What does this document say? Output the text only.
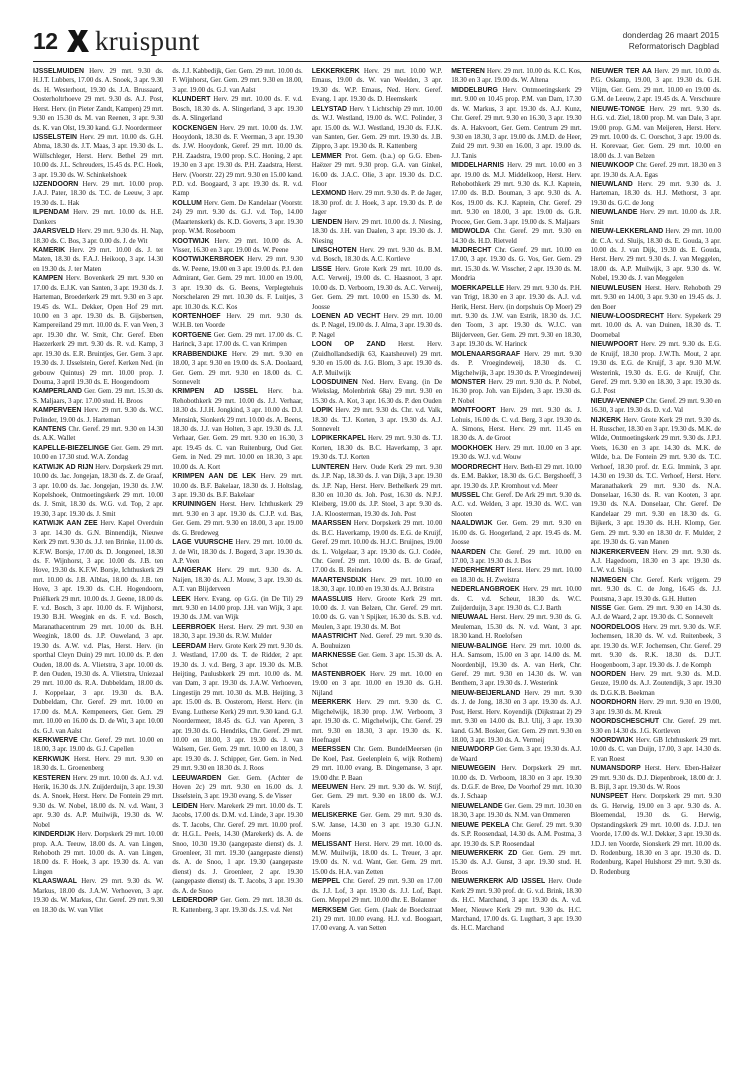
12 kruispunt	donderdag 26 maart 2015
Reformatorisch Dagblad

IJSSELMUIDEN Herv. 29 mrt. 9.30 ds. H.J.T. Lubbers, 17.00 ds. A. Snoek, 3 apr. 9.30 ds. H. Westerhout, 19.30 ds. J.A. Brussaard, Oosterholtrhoeve 29 mrt. 9.30 ds. A.J. Post, Herst. Herv. (in Pieter Zandt, Kampen) 29 mrt. 9.30 en 15.30 ds. M. van Reenen, 3 apr. 9.30 ds. K. van Olst, 19.30 kand. G.J. Noordermeer

IJSSELSTEIN Herv. 29 mrt. 10.00 ds. G.H. Abma, 18.30 ds. J.T. Maas, 3 apr. 19.30 ds. L. Wüllschleger, Herst. Herv. Bethel 29 mrt. 10.00 ds. J.L. Schreuders, 15.45 ds. P.C. Hoek, 3 apr. 19.30 ds. W. Schinkelshoek

IJZENDOORN Herv. 29 mrt. 10.00 prop. J.A.J. Pater, 18.30 ds. T.C. de Leeuw, 3 apr. 19.30 ds. L. Hak

ILPENDAM Herv. 29 mrt. 10.00 ds. H.E. Dankers

JAARSVELD Herv. 29 mrt. 9.30 ds. H. Nap, 18.30 ds. C. Bos, 3 apr. 0.00 ds. J. de Wit

KAMERIK Herv. 29 mrt. 10.00 ds. J. ter Maten, 18.30 ds. F.A.J. Heikoop, 3 apr. 14.30 en 19.30 ds. J. ter Maten

KAMPEN Herv. Bovenkerk 29 mrt. 9.30 en 17.00 ds. E.J.K. van Santen, 3 apr. 19.30 ds. J. Harteman, Broederkerk 29 mrt. 9.30 en 3 apr. 19.45 ds. W.L. Dekker, Open Hof 29 mrt. 10.00 en 3 apr. 19.30 ds. B. Gijsbertsen, Kampereiland 29 mrt. 10.00 ds. F. van Veen, 3 apr. 19.30 dhr. W. Smit, Chr. Geref. Eben Haezerkerk 29 mrt. 9.30 ds. R. v.d. Kamp, 3 apr. 19.30 ds. E.R. Bruintjes, Ger. Gem. 3 apr. 19.30 ds. J. IJsselstein, Geref. Kerken Ned. (in gebouw Quintus) 29 mrt. 10.00 prop. J. Douma, 3 april 19.30 ds. E. Hoogendoorn

KAMPERLAND Ger. Gem. 29 mrt. 15.30 ds. S. Maljaars, 3 apr. 17.00 stud. H. Broos

KAMPERVEEN Herv. 29 mrt. 9.30 ds. W.C. Polinder, 19.00 ds. J. Harteman

KANTENS Chr. Geref. 29 mrt. 9.30 en 14.30 ds. A.K. Wallet

KAPELLE-BIEZELINGE Ger. Gem. 29 mrt. 10.00 en 17.30 stud. W.A. Zondag

KATWIJK AD RIJN Herv. Dorpskerk 29 mrt. 10.00 ds. Jac. Jongejan, 18.30 ds. Z. de Graaf, 3 apr. 10.00 ds. Jac. Jongejan, 19.30 ds. J.W. Kopelshoek, Ontmoetingskerk 29 mrt. 10.00 ds. J. Smit, 18.30 ds. W.G. v.d. Top, 2 apr. 19.30, 3 apr. 19.30 ds. J. Smit

KATWIJK AAN ZEE Herv. Kapel Overduin 3 apr. 14.30 ds. G.N. Binnendijk, Nieuwe Kerk 29 mrt. 9.30 ds. J.J. ten Brinke, 11.00 ds. K.F.W. Borsje, 17.00 ds. D. Jongeneel, 18.30 ds. F. Wijnhorst, 3 apr. 10.00 ds. J.B. ten Hove, 19.30 ds. K.F.W. Borsje, Ichthuskerk 29 mrt. 10.00 ds. J.B. Alblas, 18.00 ds. J.B. ten Hove, 3 apr. 19.30 ds. C.H. Hogendoorn, Pniëlkerk 29 mrt. 10.00 ds. J. Geene, 18.00 ds. F. v.d. Bosch, 3 apr. 10.00 ds. F. Wijnhorst, 19.30 B.H. Weegink en ds. F. v.d. Bosch, Maranathacentrum 29 mrt. 10.00 ds. B.H. Weegink, 18.00 ds. J.P. Ouweland, 3 apr. 19.30 ds. A.W. v.d. Plas, Herst. Herv. (in sporthal Cleyn Duin) 29 mrt. 10.00 ds. P. den Ouden, 18.00 ds. A. Vlietstra, 3 apr. 10.00 ds. P. den Ouden, 19.30 ds. A. Vlietstra, Uniezaal 29 mrt. 10.00 ds. R.A. Dubbeldam, 18.00 ds. J. Koppelaar, 3 apr. 19.30 ds. B.A. Dubbeldam, Chr. Geref. 29 mrt. 10.00 en 17.00 ds. M.A. Kempeneers, Ger. Gem. 29 mrt. 10.00 en 16.00 ds. D. de Wit, 3 apr. 10.00 ds. G.J. van Aalst

KERKWERVE Chr. Geref. 29 mrt. 10.00 en 18.00, 3 apr. 19.00 ds. G.J. Capellen

KERKWIJK Herst. Herv. 29 mrt. 9.30 en 18.30 ds. L. Groenenberg

KESTEREN Herv. 29 mrt. 10.00 ds. A.J. v.d. Herik, 16.30 ds. J.N. Zuijderduijn, 3 apr. 19.30 ds. A. Snoek, Herst. Herv. De Fontein 29 mrt. 9.30 ds. W. Nobel, 18.00 ds. N. v.d. Want, 3 apr. 9.30 ds. A.P. Muilwijk, 19.30 ds. W. Nobel

KINDERDIJK Herv. Dorpskerk 29 mrt. 10.00 prop. A.A. Teeuw, 18.00 ds. A. van Lingen, Rehoboth 29 mrt. 10.00 ds. A. van Lingen, 18.00 ds. F. Hoek, 3 apr. 19.30 ds. A. van Lingen

KLAASWAAL Herv. 29 mrt. 9.30 ds. W. Markus, 18.00 ds. J.A.W. Verhoeven, 3 apr. 19.30 ds. W. Markus, Chr. Geref. 29 mrt. 9.30 en 18.30 ds. W. van Vliet

ds. J.J. Kabbedijk, Ger. Gem. 29 mrt. 10.00 ds. F. Wijnhorst, Ger. Gem. 29 mrt. 9.30 en 18.00, 3 apr. 19.00 ds. G.J. van Aalst

KLUNDERT Herv. 29 mrt. 10.00 ds. F. v.d. Bosch, 18.30 ds. A. Slingerland, 3 apr. 19.30 ds. A. Slingerland

KOCKENGEN Herv. 29 mrt. 10.00 ds. J.W. Hooydonk, 18.30 ds. F. Veerman, 3 apr. 19.30 ds. J.W. Hooydonk, Geref. 29 mrt. 10.00 ds. P.H. Zaadstra, 19.00 prop. S.C. Honing, 2 apr. 19.30 en 3 apr. 19.30 ds. P.H. Zaadstra, Herst. Herv. (Voorstr. 22) 29 mrt. 9.30 en 15.00 kand. P.D. v.d. Boogaard, 3 apr. 19.30 ds. R. v.d. Kamp

KOLLUM Herv. Gem. De Kandelaar (Voorstr. 24) 29 mrt. 9.30 ds. G.J. v.d. Top, 14.00 (Maartenskerk) ds. K.D. Goverts, 3 apr. 19.30 prop. W.M. Roseboom

KOOTWIJK Herv. 29 mrt. 10.00 ds. A. Visser, 16.30 en 3 apr. 19.00 ds. W. Peene

KOOTWIJKERBROEK Herv. 29 mrt. 9.30 ds. W. Peene, 19.00 en 3 apr. 19.00 ds. P.J. den Admirant, Ger. Gem. 29 mrt. 10.00 en 19.00, 3 apr. 19.30 ds. G. Beens, Verplegtehuis Norschelaren 29 mrt. 10.30 ds. F. Luitjes, 3 apr. 10.30 ds. K.C. Kos

KORTENHOEF Herv. 29 mrt. 9.30 ds. W.H.B. ten Voorde

KORTGENE Ger. Gem. 29 mrt. 17.00 ds. C. Harinck, 3 apr. 17.00 ds. C. van Krimpen

KRABBENDIJKE Herv. 29 mrt. 9.30 en 18.00, 3 apr. 9.30 en 19.00 ds. S.A. Doolaard, Ger. Gem. 29 mrt. 9.30 en 18.00 ds. C. Sonnevelt

KRIMPEN AD IJSSEL Herv. b.a. Rehobothkerk 29 mrt. 10.00 ds. J.J. Verhaar, 18.30 ds. J.J.H. Jongkind, 3 apr. 10.00 ds. D.J. Mensink, Sionkerk 29 mrt. 10.00 ds. A. Beens, 18.30 ds. J.J. van Holten, 3 apr. 19.30 ds. J.J. Verhaar, Ger. Gem. 29 mrt. 9.30 en 16.30, 3 apr. 19.45 ds. C. van Ruitenburg, Oud Ger. Gem. in Ned. 29 mrt. 10.00 en 18.30, 3 apr. 10.00 ds. A. Kort

KRIMPEN AAN DE LEK Herv. 29 mrt. 10.00 ds. B.F. Bakelaar, 18.30 ds. J. Holtslag, 3 apr. 19.30 ds. B.F. Bakelaar

KRUININGEN Herst. Herv. Ichthuskerk 29 mrt. 9.30 en 3 apr. 19.30 ds. C.J.P. v.d. Bas, Ger. Gem. 29 mrt. 9.30 en 18.00, 3 apr. 19.00 ds. G. Bredeweg

LAGE VUURSCHE Herv. 29 mrt. 10.00 ds. J. de Wit, 18.30 ds. J. Bogerd, 3 apr. 19.30 ds. A.P. Veen

LANGERAK Herv. 29 mrt. 9.30 ds. A. Naijen, 18.30 ds. A.J. Mouw, 3 apr. 19.30 ds. A.T. van Blijderveen

LEEK Herv. Evang. op G.G. (in De Til) 29 mrt. 9.30 en 14.00 prop. J.H. van Wijk, 3 apr. 19.30 ds. J.M. van Wijk

LEERBROEK Herst. Herv. 29 mrt. 9.30 en 18.30, 3 apr. 19.30 ds. R.W. Mulder

LEERDAM Herv. Grote Kerk 29 mrt. 9.30 ds. J. Westland, 17.00 ds. T. de Ridder, 2 apr. 19.30 ds. J. v.d. Berg, 3 apr. 19.30 ds. M.B. Heijting, Paulusbkerk 29 mrt. 10.00 ds. M. van Dam, 3 apr. 19.30 ds. J.A.W. Verhoeven, Lingestijn 29 mrt. 10.30 ds. M.B. Heijting, 3 apr. 15.00 ds. B. Oosterom, Herst. Herv. (in Evang. Lutherse Kerk) 29 mrt. 9.30 kand. G.J. Noordermeer, 18.45 ds. G.J. van Aperen, 3 apr. 19.30 ds. G. Hendriks, Chr. Geref. 29 mrt. 10.00 en 18.00, 3 apr. 19.30 ds. J. van Walsem, Ger. Gem. 29 mrt. 10.00 en 18.00, 3 apr. 19.30 ds. J. Schipper, Ger. Gem. in Ned. 29 mrt. 9.30 en 18.30 ds. J. Roos

LEEUWARDEN Ger. Gem. (Achter de Hoven 2c) 29 mrt. 9.30 en 16.00 ds. J. IJsselstein, 3 apr. 19.30 evang. S. de Visser

LEIDEN Herv. Marekerk 29 mrt. 10.00 ds. T. Jacobs, 17.00 ds. D.M. v.d. Linde, 3 apr. 19.30 ds. T. Jacobs, Chr. Geref. 29 mrt. 10.00 prof. dr. H.G.L. Peels, 14.30 (Marekerk) ds. A. de Snoo, 10.30 19.30 (aangepaste dienst) ds. J. Groenleer, 31 mrt. 19.30 (aangepaste dienst) ds. A. de Snoo, 1 apr. 19.30 (aangepaste dienst) ds. J. Groenleer, 2 apr. 19.30 (aangepaste dienst) ds. T. Jacobs, 3 apr. 19.30 ds. A. de Snoo

LEIDERDORP Ger. Gem. 29 mrt. 18.30 ds. R. Kattenberg, 3 apr. 19.30 ds. J.S. v.d. Net

LEKKERKERK Herv. 29 mrt. 10.00 W.P. Emaus, 19.00 ds. W. van Weelden, 3 apr. 19.30 ds. W.P. Emaus, Ned. Herv. Geref. Evang. 1 apr. 19.30 ds. D. Heemskerk

LELYSTAD Herv. 't Lichtschip 29 mrt. 10.00 ds. W.J. Westland, 19.00 ds. W.C. Polinder, 3 apr. 15.00 ds. W.J. Westland, 19.30 ds. F.J.K. van Santen, Ger. Gem. 29 mrt. 19.30 ds. J.B. Zippro, 3 apr. 19.30 ds. R. Kattenberg

LEMMER Prot. Gem. (b.a.) op G.G. Eben-Haëzer 29 mrt. 9.30 prop. G.A. van Ginkel, 16.00 ds. J.A.C. Olie, 3 apr. 19.30 ds. D.C. Floor

LEXMOND Herv. 29 mrt. 9.30 ds. P. de Jager, 18.30 prof. dr. J. Hoek, 3 apr. 19.30 ds. P. de Jager

LIENDEN Herv. 29 mrt. 10.00 ds. J. Niesing, 18.30 ds. J.H. van Daalen, 3 apr. 19.30 ds. J. Niesing

LINSCHOTEN Herv. 29 mrt. 9.30 ds. B.M. v.d. Bosch, 18.30 ds. A.C. Kortleve

LISSE Herv. Grote Kerk 29 mrt. 10.00 ds. A.C. Verweij, 19.00 ds. C. Haasnoot, 3 apr. 10.00 ds. D. Verboom, 19.30 ds. A.C. Verweij, Ger. Gem. 29 mrt. 10.00 en 15.30 ds. M. Joosse

LOENEN AD VECHT Herv. 29 mrt. 10.00 ds. P. Nagel, 19.00 ds. J. Alma, 3 apr. 19.30 ds. P. Nagel

LOON OP ZAND Herst. Herv. (Zuidhollandsedijk 63, Kaatsheuvel) 29 mrt. 9.30 en 15.00 ds. J.G. Blom, 3 apr. 19.30 ds. A.P. Muilwijk

LOOSDUINEN Ned. Herv. Evang. (in De Wiekslag, Molenbrink 68a) 29 mrt. 9.30 en 15.30 ds. A. Kot, 3 apr. 16.30 ds. P. den Ouden

LOPIK Herv. 29 mrt. 9.30 ds. Chr. v.d. Valk, 18.30 ds. T.J. Korten, 3 apr. 19.30 ds. A.J. Sonnevelt

LOPIKERKAPEL Herv. 29 mrt. 9.30 ds. T.J. Korten, 18.30 ds. B.C. Haverkamp, 3 apr. 19.30 ds. T.J. Korten

LUNTEREN Herv. Oude Kerk 29 mrt. 9.30 ds. J.P. Nap, 18.30 ds. J. van Dijk, 3 apr. 19.30 ds. J.P. Nap, Herst. Herv. Bethelkerk 29 mrt. 8.30 en 10.30 ds. Joh. Post, 16.30 ds. N.P.J. Kleiberg, 19.00 ds. J.P. Stoel, 3 apr. 9.30 ds. J.A. Kloosterman, 19.30 ds. Joh. Post

MAARSSEN Herv. Dorpskerk 29 mrt. 10.00 ds. B.C. Haverkamp, 19.00 ds. E.G. de Kruijf, Geref. 29 mrt. 10.00 ds. H.J.C. Bruijnes, 19.00 ds. L. Volgelaar, 3 apr. 19.30 ds. G.J. Codée, Chr. Geref. 29 mrt. 10.00 ds. B. de Graaf, 17.00 ds. B. Reinders

MAARTENSDIJK Herv. 29 mrt. 10.00 en 18.30, 3 apr. 10.00 en 19.30 ds. A.J. Britstra

MAASSLUIS Herv. Groote Kerk 29 mrt. 10.00 ds. J. van Belzen, Chr. Geref. 29 mrt. 10.00 ds. G. van 't Spijker, 16.30 ds. S.B. v.d. Meulen, 3 apr. 19.30 ds. M. Bot

MAASTRICHT Ned. Geref. 29 mrt. 9.30 ds. A. Bouhuizen

MARKNESSE Ger. Gem. 3 apr. 15.30 ds. A. Schot

MASTENBROEK Herv. 29 mrt. 10.00 en 19.00 en 3 apr. 10.00 en 19.30 ds. G.H. Nijland

MEERKERK Herv. 29 mrt. 9.30 ds. C. Migchelwijk, 18.30 prop. J.W. Verboom, 3 apr. 19.30 ds. C. Migchelwijk, Chr. Geref. 29 mrt. 9.30 en 18.30, 3 apr. 19.30 ds. K. Hoefnagel

MEERSSEN Chr. Gem. BundelMeersen (in De Koel, Past. Geelenplein 6, wijk Rothem) 29 mrt. 10.00 evang. B. Dingemanse, 3 apr. 19.00 dhr. P. Baan

MEEUWEN Herv. 29 mrt. 9.30 ds. W. Stijf, Ger. Gem. 29 mrt. 9.30 en 18.00 ds. W.J. Karels

MELISKERKE Ger. Gem. 29 mrt. 9.30 ds. S.W. Janse, 14.30 en 3 apr. 19.30 G.J.N. Moens

MELISSANT Herst. Herv. 29 mrt. 10.00 ds. M.W. Muilwijk, 18.00 ds. L. Treuer, 3 apr. 19.00 ds. N. v.d. Want, Ger. Gem. 29 mrt. 15.00 ds. H.A. van Zetten

MEPPEL Chr. Geref. 29 mrt. 9.30 en 17.00 ds. J.J. Lof, 3 apr. 19.30 ds. J.J. Lof, Bapt. Gem. Meppel 29 mrt. 10.00 dhr. E. Bolanner

MERKSEM Ger. Gem. (Jaak de Boeckstraat 21) 29 mrt. 10.00 evang. H.J. v.d. Boogaart, 17.00 evang. A. van Setten

METEREN Herv. 29 mrt. 10.00 ds. K.C. Kos, 18.30 en 3 apr. 19.00 ds. W. Altena

MIDDELBURG Herv. Ontmoetingskerk 29 mrt. 9.00 en 10.45 prop. P.M. van Dam, 17.30 ds. W. Markus, 3 apr. 19.30 ds. A.J. Kunz, Chr. Geref. 29 mrt. 9.30 en 16.30, 3 apr. 19.30 ds. A. Hakvoort, Ger. Gem. Centrum 29 mrt. 9.30 en 18.30, 3 apr. 19.00 ds. J.M.D. de Heer, Zuid 29 mrt. 9.30 en 16.00, 3 apr. 19.00 ds. J.J. Tanis

MIDDELHARNIS Herv. 29 mrt. 10.00 en 3 apr. 19.00 ds. M.J. Middelkoop, Herst. Herv. Rehobothkerk 29 mrt. 9.30 ds. K.J. Kaptein, 17.00 ds. B.D. Bouman, 3 apr. 9.30 ds. A. Kos, 19.00 ds. K.J. Kaptein, Chr. Geref. 29 mrt. 9.30 en 18.00, 3 apr. 19.00 ds. G.R. Procee, Ger. Gem. 3 apr. 19.00 ds. S. Maljaars

MIDWOLDA Chr. Geref. 29 mrt. 9.30 en 14.30 ds. H.D. Rietveld

MIJDRECHT Chr. Geref. 29 mrt. 10.00 en 17.00, 3 apr. 19.30 ds. G. Vos, Ger. Gem. 29 mrt. 15.30 ds. W. Visscher, 2 apr. 19.30 ds. M. Mondria

MOERKAPELLE Herv. 29 mrt. 9.30 ds. P.H. van Trigt, 18.30 en 3 apr. 19.30 ds. A.J. v.d. Herik, Herst. Herv. (in dorpshuis Op Moer) 29 mrt. 9.30 ds. J.W. van Estrik, 18.30 ds. J.C. den Toom, 3 apr. 19.30 ds. W.J.C. van Blijderveen, Ger. Gem. 29 mrt. 9.30 en 18.30, 3 apr. 19.30 ds. W. Harinck

MOLENAARSGRAAF Herv. 29 mrt. 9.30 ds. P. Vroegindeweij, 18.30 ds. C. Migchelwijk, 3 apr. 19.30 ds. P. Vroegindeweij

MONSTER Herv. 29 mrt. 9.30 ds. P. Nobel, 16.30 prop. Joh. van Eijsden, 3 apr. 19.30 ds. P. Nobel

MONTFOORT Herv. 29 mrt. 9.30 ds. J. Lohuis, 16.00 ds. C. v.d. Berg, 3 apr. 19.30 ds. A. Simons, Herst. Herv. 29 mrt. 11.45 en 18.30 ds. A. de Groot

MOOKHOEK Herv. 29 mrt. 10.00 en 3 apr. 19.30 ds. W.J. v.d. Wouw

MOORDRECHT Herv. Beth-El 29 mrt. 10.00 ds. E.M. Bakker, 18.30 ds. G.C. Bergshoeff, 3 apr. 19.30 ds. J.P. Kromhout v.d. Meer

MUSSEL Chr. Geref. De Ark 29 mrt. 9.30 ds. A.C. v.d. Welden, 3 apr. 19.30 ds. W.C. van Slooten

NAALDWIJK Ger. Gem. 29 mrt. 9.30 en 16.00 ds. G. Hoogerland, 2 apr. 19.45 ds. M. Joosse

NAARDEN Chr. Geref. 29 mrt. 10.00 en 17.00, 3 apr. 19.30 ds. J. Bos

NEDERHEMERT Herst. Herv. 29 mrt. 10.00 en 18.30 ds. H. Zweistra

NEDERLANGBROEK Herv. 29 mrt. 10.00 ds. C. v.d. Scheur, 18.30 ds. W.C. Zuijderduijn, 3 apr. 19.30 ds. C.J. Barth

NIEUWAAL Herst. Herv. 29 mrt. 9.30 ds. G. Meuleman, 15.30 ds. N. v.d. Want, 3 apr. 18.30 kand. H. Roelofsen

NIEUW-BALINGE Herv. 29 mrt. 10.00 ds. H.A. Samsom, 15.00 en 3 apr. 14.00 ds. M. Noordenbijl, 19.30 ds. A. van Herk, Chr. Geref. 29 mrt. 9.30 en 14.30 ds. W. van Benthem, 3 apr. 19.30 ds. J. Westerink

NIEUW-BEIJERLAND Herv. 29 mrt. 9.30 ds. J. de Jong, 18.30 en 3 apr. 19.30 ds. A.J. Post, Herst. Herv. Koyendijk (Dijkstraat 2) 29 mrt. 9.30 en 14.00 ds. B.J. Ulij, 3 apr. 19.30 kand. G.M. Bosker, Ger. Gem. 29 mrt. 9.30 en 18.00, 3 apr. 19.30 ds. A. Vermeij

NIEUWDORP Ger. Gem. 3 apr. 19.30 ds. A.J. de Waard

NIEUWEGEIN Herv. Dorpskerk 29 mrt. 10.00 ds. D. Verboom, 18.30 en 3 apr. 19.30 ds. D.G.F. de Bree, De Voorhof 29 mrt. 10.30 ds. J. Schaap

NIEUWELANDE Ger. Gem. 29 mrt. 10.30 en 18.30, 3 apr. 19.30 ds. N.M. van Ommeren

NIEUWE PEKELA Chr. Geref. 29 mrt. 9.30 ds. S.P. Roosendaal, 14.30 ds. A.M. Postma, 3 apr. 19.30 ds. S.P. Roosendaal

NIEUWERKERK ZD Ger. Gem. 29 mrt. 15.30 ds. A.J. Gunst, 3 apr. 19.30 stud. H. Broos

NIEUWERKERK A/D IJSSEL Herv. Oude Kerk 29 mrt. 9.30 prof. dr. G. v.d. Brink, 18.30 ds. H.C. Marchand, 3 apr. 19.30 ds. A. v.d. Meer, Nieuwe Kerk 29 mrt. 9.30 ds. H.C. Marchand, 17.00 ds. G. Lugthart, 3 apr. 19.30 ds. H.C. Marchand

NIEUWER TER AA Herv. 29 mrt. 10.00 ds. P.G. Oskamp, 19.00, 3 apr. 19.30 ds. G.H. Vlijm, Ger. Gem. 29 mrt. 10.00 en 19.00 ds. G.M. de Leeuw, 2 apr. 19.45 ds. A. Verschuure

NIEUWE-TONGE Herv. 29 mrt. 9.30 ds. H.G. v.d. Ziel, 18.00 prop. M. van Dale, 3 apr. 19.00 prop. G.M. van Meijeren, Herst. Herv. 29 mrt. 10.00 ds. C. Oorschot, 3 apr. 19.00 ds. H. Korevaar, Ger. Gem. 29 mrt. 10.00 en 18.00 ds. J. van Belzen

NIEUWKOOP Chr. Geref. 29 mrt. 18.30 en 3 apr. 19.30 ds. A.A. Egas

NIEUWLAND Herv. 29 mrt. 9.30 ds. J. Harteman, 18.30 ds. H.J. Methorst, 3 apr. 19.30 ds. G.C. de Jong

NIEUWLANDE Herv. 29 mrt. 10.00 ds. J.R. Smit

NIEUW-LEKKERLAND Herv. 29 mrt. 10.00 dr. C.A. v.d. Sluijs, 18.30 ds. E. Gouda, 3 apr. 10.00 ds. J. van Dijk, 19.30 ds. E. Gouda, Herst. Herv. 29 mrt. 9.30 ds. J. van Meggelen, 18.00 ds. A.P. Muilwijk, 3 apr. 9.30 ds. W. Nobel, 19.30 ds. J. van Meggelen

NIEUWLEUSEN Herst. Herv. Rehoboth 29 mrt. 9.30 en 14.00, 3 apr. 9.30 en 19.45 ds. J. den Boer

NIEUW-LOOSDRECHT Herv. Sypekerk 29 mrt. 10.00 ds. A. van Duinen, 18.30 ds. T. Doornebal

NIEUWPOORT Herv. 29 mrt. 9.30 ds. E.G. de Kruijf, 18.30 prop. J.W.Th. Mout, 2 apr. 19.30 ds. E.G. de Kruijf, 3 apr. 9.30 M.W. Westerink, 19.30 ds. E.G. de Kruijf, Chr. Geref. 29 mrt. 9.30 en 18.30, 3 apr. 19.30 ds. G.J. Post

NIEUW-VENNEP Chr. Geref. 29 mrt. 9.30 en 16.30, 3 apr. 19.30 ds. D. v.d. Val

NIJKERK Herv. Grote Kerk 29 mrt. 9.30 ds. H. Russcher, 18.30 en 3 apr. 19.30 ds. M.K. de Wilde, Ontmoetingskerk 29 mrt. 9.30 ds. J.P.J. Voets, 16.30 en 3 apr. 14.30 ds. M.K. de Wilde, b.a. De Fontein 29 mrt. 9.30 ds. T.C. Verhoef, 18.30 prof. dr. E.G. Immink, 3 apr. 14.30 en 19.30 ds. T.C. Verhoef, Herst. Herv. Maranathakerk 29 mrt. 9.30 ds. N.A. Donselaar, 16.30 ds. R. van Kooten, 3 apr. 19.30 ds. N.A. Donselaar, Chr. Geref. De Kandelaar 29 mrt. 9.30 en 18.30 ds. G. Bijkerk, 3 apr. 19.30 ds. H.H. Klomp, Ger. Gem. 29 mrt. 9.30 en 18.30 dr. F. Mulder, 2 apr. 19.30 ds. G. van Manen

NIJKERKERVEEN Herv. 29 mrt. 9.30 ds. A.J. Hagedoorn, 18.30 en 3 apr. 19.30 ds. L.W. v.d. Sluijs

NIJMEGEN Chr. Geref. Kerk vrijgem. 29 mrt. 9.30 ds. C. de Jong, 16.45 ds. J.J. Poutsma, 3 apr. 19.30 ds. G.H. Hutten

NISSE Ger. Gem. 29 mrt. 9.30 en 14.30 ds. A.J. de Waard, 2 apr. 19.30 ds. C. Sonnevelt

NOORDELOOS Herv. 29 mrt. 9.30 ds. W.F. Jochemsen, 18.30 ds. W. v.d. Ruitenbeek, 3 apr. 19.30 ds. W.F. Jochemsen, Chr. Geref. 29 mrt. 9.30 ds. R.K. 18.30 ds. D.J.T. Hoogenboom, 3 apr. 19.30 ds. J. de Komph

NOORDEN Herv. 29 mrt. 9.30 ds. M.D. Geuze, 19.00 ds. A.J. Zoutendijk, 3 apr. 19.30 ds. D.G.K.B. Beekman

NOORDHORN Herv. 29 mrt. 9.30 en 19.00, 3 apr. 19.30 ds. M. Kreuk

NOORDSCHESCHUT Chr. Geref. 29 mrt. 9.30 en 14.30 ds. J.G. Kortleven

NOORDWIJK Herv. GB Ichthuskerk 29 mrt. 10.00 ds. C. van Duijn, 17.00, 3 apr. 14.30 ds. F. van Roest

NUMANSDORP Herst. Herv. Eben-Haëzer 29 mrt. 9.30 ds. D.J. Diepenbroek, 18.00 dr. J. B. Bijl, 3 apr. 19.30 ds. W. Roos

NUNSPEET Herv. Dorpskerk 29 mrt. 9.30 ds. G. Herwig, 19.00 en 3 apr. 9.30 ds. A. Bloemendal, 19.30 ds. G. Herwig, Opstandingskerk 29 mrt. 10.00 ds. J.D.J. ten Voorde, 17.00 ds. W.J. Dekker, 3 apr. 19.30 ds. J.D.J. ten Voorde, Sionskerk 29 mrt. 10.00 ds. D. Rodenburg, 18.30 en 3 apr. 19.30 ds. D. Rodenburg, Kapel Hulshorst 29 mrt. 9.30 ds. D. Rodenburg
